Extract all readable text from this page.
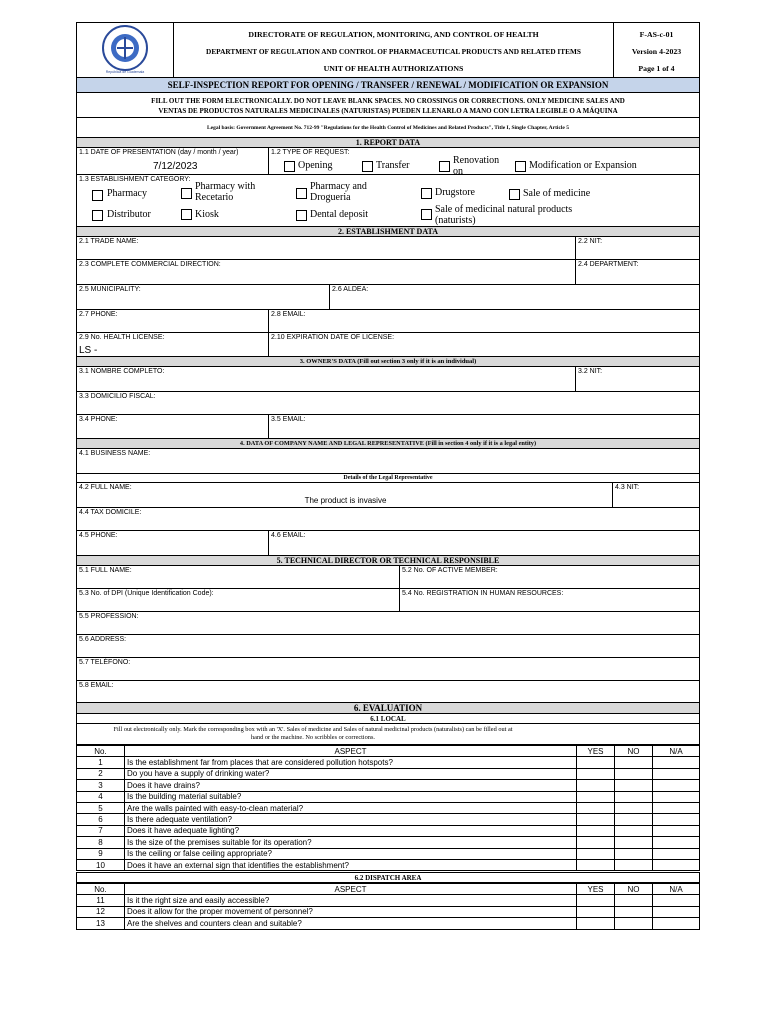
República de Guatemala
DIRECTORATE OF REGULATION, MONITORING, AND CONTROL OF HEALTH
DEPARTMENT OF REGULATION AND CONTROL OF PHARMACEUTICAL PRODUCTS AND RELATED ITEMS
UNIT OF HEALTH AUTHORIZATIONS
F-AS-c-01
Version 4-2023
Page 1 of 4
SELF-INSPECTION REPORT FOR OPENING / TRANSFER / RENEWAL / MODIFICATION OR EXPANSION
FILL OUT THE FORM ELECTRONICALLY. DO NOT LEAVE BLANK SPACES. NO CROSSINGS OR CORRECTIONS. ONLY MEDICINE SALES AND
VENTAS DE PRODUCTOS NATURALES MEDICINALES (NATURISTAS) PUEDEN LLENARLO A MANO CON LETRA LEGIBLE O A MÁQUINA
Legal basis: Government Agreement No. 712-99 "Regulations for the Health Control of Medicines and Related Products", Title I, Single Chapter, Article 5
1. REPORT DATA
1.1 DATE OF PRESENTATION (day / month / year)
7/12/2023
1.2 TYPE OF REQUEST:
Opening	Transfer	Renovation on
Modification or Expansion
1.3 ESTABLISHMENT CATEGORY:
Pharmacy
Pharmacy with Recetario
Pharmacy and Drogueria	Drugstore	Sale of medicine
Distributor	Kiosk	Dental deposit	Sale of medicinal natural products (naturists)
2. ESTABLISHMENT DATA
2.1 TRADE NAME:	2.2 NIT:
2.3 COMPLETE COMMERCIAL DIRECTION:	2.4 DEPARTMENT:
2.5 MUNICIPALITY:	2.6 ALDEA:
2.7 PHONE:	2.8 EMAIL:
2.9 No. HEALTH LICENSE:
LS -
2.10 EXPIRATION DATE OF LICENSE:
3. OWNER'S DATA (Fill out section 3 only if it is an individual)
3.1 NOMBRE COMPLETO:	3.2 NIT:
3.3 DOMICILIO FISCAL:
3.4 PHONE:	3.5 EMAIL:
4. DATA OF COMPANY NAME AND LEGAL REPRESENTATIVE (Fill in section 4 only if it is a legal entity)
4.1 BUSINESS NAME:
Details of the Legal Representative
4.2 FULL NAME:
The product is invasive
4.3 NIT:
4.4 TAX DOMICILE:
4.5 PHONE:	4.6 EMAIL:
5. TECHNICAL DIRECTOR OR TECHNICAL RESPONSIBLE
5.1 FULL NAME:	5.2 No. OF ACTIVE MEMBER:
5.3 No. of DPI (Unique Identification Code):	5.4 No. REGISTRATION IN HUMAN RESOURCES:
5.5 PROFESSION:
5.6 ADDRESS:
5.7 TELÉFONO:
5.8 EMAIL:
6. EVALUATION
6.1 LOCAL
Fill out electronically only. Mark the corresponding box with an 'X'. Sales of medicine and Sales of natural medicinal products (naturalists) can be filled out at
hand or the machine. No scribbles or corrections.
No.	ASPECT	YES	NO	N/A
1	Is the establishment far from places that are considered pollution hotspots?			
2	Do you have a supply of drinking water?			
3	Does it have drains?			
4	Is the building material suitable?			
5	Are the walls painted with easy-to-clean material?			
6	Is there adequate ventilation?			
7	Does it have adequate lighting?			
8	Is the size of the premises suitable for its operation?			
9	Is the ceiling or false ceiling appropriate?			
10	Does it have an external sign that identifies the establishment?			
6.2 DISPATCH AREA
No.	ASPECT	YES	NO	N/A
11	Is it the right size and easily accessible?			
12	Does it allow for the proper movement of personnel?			
13	Are the shelves and counters clean and suitable?			
